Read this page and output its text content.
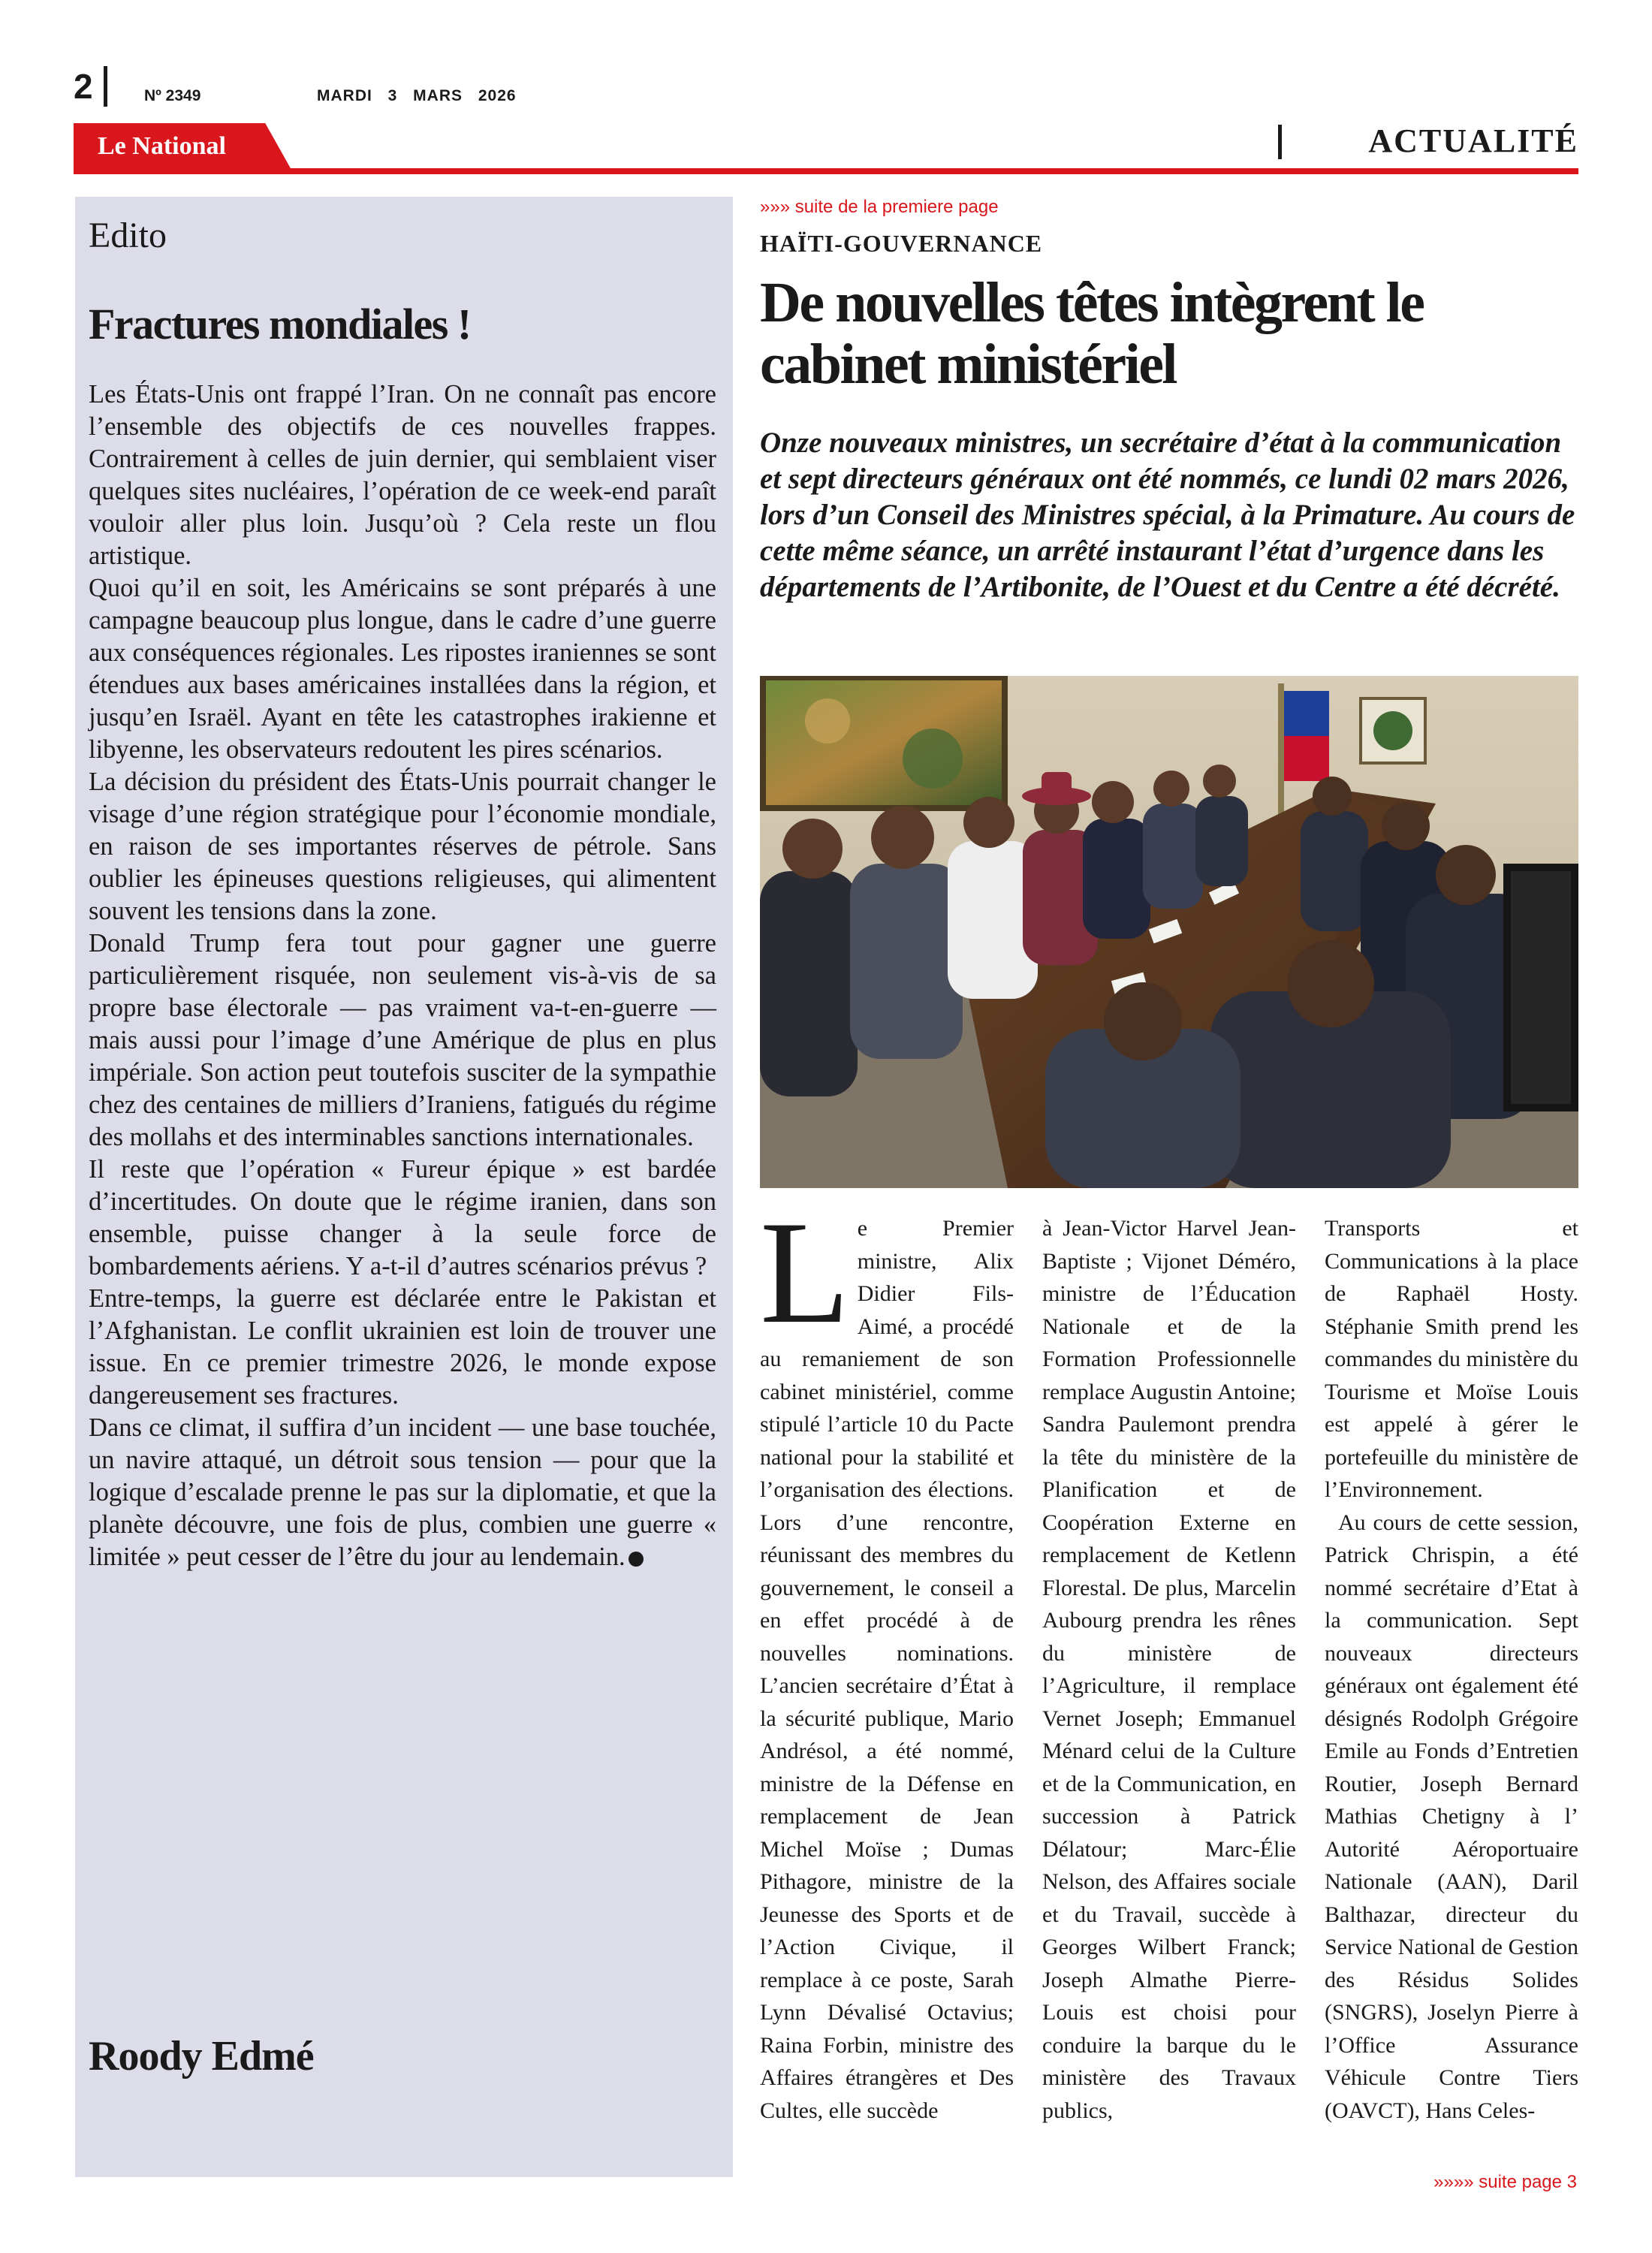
2	Nº 2349	MARDI 3 MARS 2026
Le National	ACTUALITÉ
Edito
Fractures mondiales !

Les États-Unis ont frappé l’Iran. On ne connaît pas encore l’ensemble des objectifs de ces nouvelles frappes. Contrairement à celles de juin dernier, qui semblaient viser quelques sites nucléaires, l’opération de ce week-end paraît vouloir aller plus loin. Jusqu’où ? Cela reste un flou artistique.

Quoi qu’il en soit, les Américains se sont préparés à une campagne beaucoup plus longue, dans le cadre d’une guerre aux conséquences régionales. Les ripostes iraniennes se sont étendues aux bases américaines installées dans la région, et jusqu’en Israël. Ayant en tête les catastrophes irakienne et libyenne, les observateurs redoutent les pires scénarios.

La décision du président des États-Unis pourrait changer le visage d’une région stratégique pour l’économie mondiale, en raison de ses importantes réserves de pétrole. Sans oublier les épineuses questions religieuses, qui alimentent souvent les tensions dans la zone.

Donald Trump fera tout pour gagner une guerre particulièrement risquée, non seulement vis-à-vis de sa propre base électorale — pas vraiment va-t-en-guerre — mais aussi pour l’image d’une Amérique de plus en plus impériale. Son action peut toutefois susciter de la sympathie chez des centaines de milliers d’Iraniens, fatigués du régime des mollahs et des interminables sanctions internationales.

Il reste que l’opération « Fureur épique » est bardée d’incertitudes. On doute que le régime iranien, dans son ensemble, puisse changer à la seule force de bombardements aériens. Y a-t-il d’autres scénarios prévus ?

Entre-temps, la guerre est déclarée entre le Pakistan et l’Afghanistan. Le conflit ukrainien est loin de trouver une issue. En ce premier trimestre 2026, le monde expose dangereusement ses fractures.

Dans ce climat, il suffira d’un incident — une base touchée, un navire attaqué, un détroit sous tension — pour que la logique d’escalade prenne le pas sur la diplomatie, et que la planète découvre, une fois de plus, combien une guerre « limitée » peut cesser de l’être du jour au lendemain.

Roody Edmé
»»» suite de la premiere page
HAÏTI-GOUVERNANCE
De nouvelles têtes intègrent le cabinet ministériel
Onze nouveaux ministres, un secrétaire d’état à la communication et sept directeurs généraux ont été nommés, ce lundi 02 mars 2026, lors d’un Conseil des Ministres spécial, à la Primature. Au cours de cette même séance, un arrêté instaurant l’état d’urgence dans les départements de l’Artibonite, de l’Ouest et du Centre a été décrété.
Le Premier ministre, Alix Didier Fils-Aimé, a procédé au remaniement de son cabinet ministériel, comme stipulé l’article 10 du Pacte national pour la stabilité et l’organisation des élections. Lors d’une rencontre, réunissant des membres du gouvernement, le conseil a en effet procédé à de nouvelles nominations. L’ancien secrétaire d’État à la sécurité publique, Mario Andrésol, a été nommé, ministre de la Défense en remplacement de Jean Michel Moïse ; Dumas Pithagore, ministre de la Jeunesse des Sports et de l’Action Civique, il remplace à ce poste, Sarah Lynn Dévalisé Octavius; Raina Forbin, ministre des Affaires étrangères et Des Cultes, elle succède
à Jean-Victor Harvel Jean-Baptiste ; Vijonet Déméro, ministre de l’Éducation Nationale et de la Formation Professionnelle remplace Augustin Antoine; Sandra Paulemont prendra la tête du ministère de la Planification et de Coopération Externe en remplacement de Ketlenn Florestal. De plus, Marcelin Aubourg prendra les rênes du ministère de l’Agriculture, il remplace Vernet Joseph; Emmanuel Ménard celui de la Culture et de la Communication, en succession à Patrick Délatour; Marc-Élie Nelson, des Affaires sociale et du Travail, succède à Georges Wilbert Franck; Joseph Almathe Pierre-Louis est choisi pour conduire la barque du le ministère des Travaux publics,
Transports et Communications à la place de Raphaël Hosty. Stéphanie Smith prend les commandes du ministère du Tourisme et Moïse Louis est appelé à gérer le portefeuille du ministère de l’Environnement.
Au cours de cette session, Patrick Chrispin, a été nommé secrétaire d’Etat à la communication. Sept nouveaux directeurs généraux ont également été désignés Rodolph Grégoire Emile au Fonds d’Entretien Routier, Joseph Bernard Mathias Chetigny à l’ Autorité Aéroportuaire Nationale (AAN), Daril Balthazar, directeur du Service National de Gestion des Résidus Solides (SNGRS), Joselyn Pierre à l’Office Assurance Véhicule Contre Tiers (OAVCT), Hans Celes-
»»»» suite page 3
